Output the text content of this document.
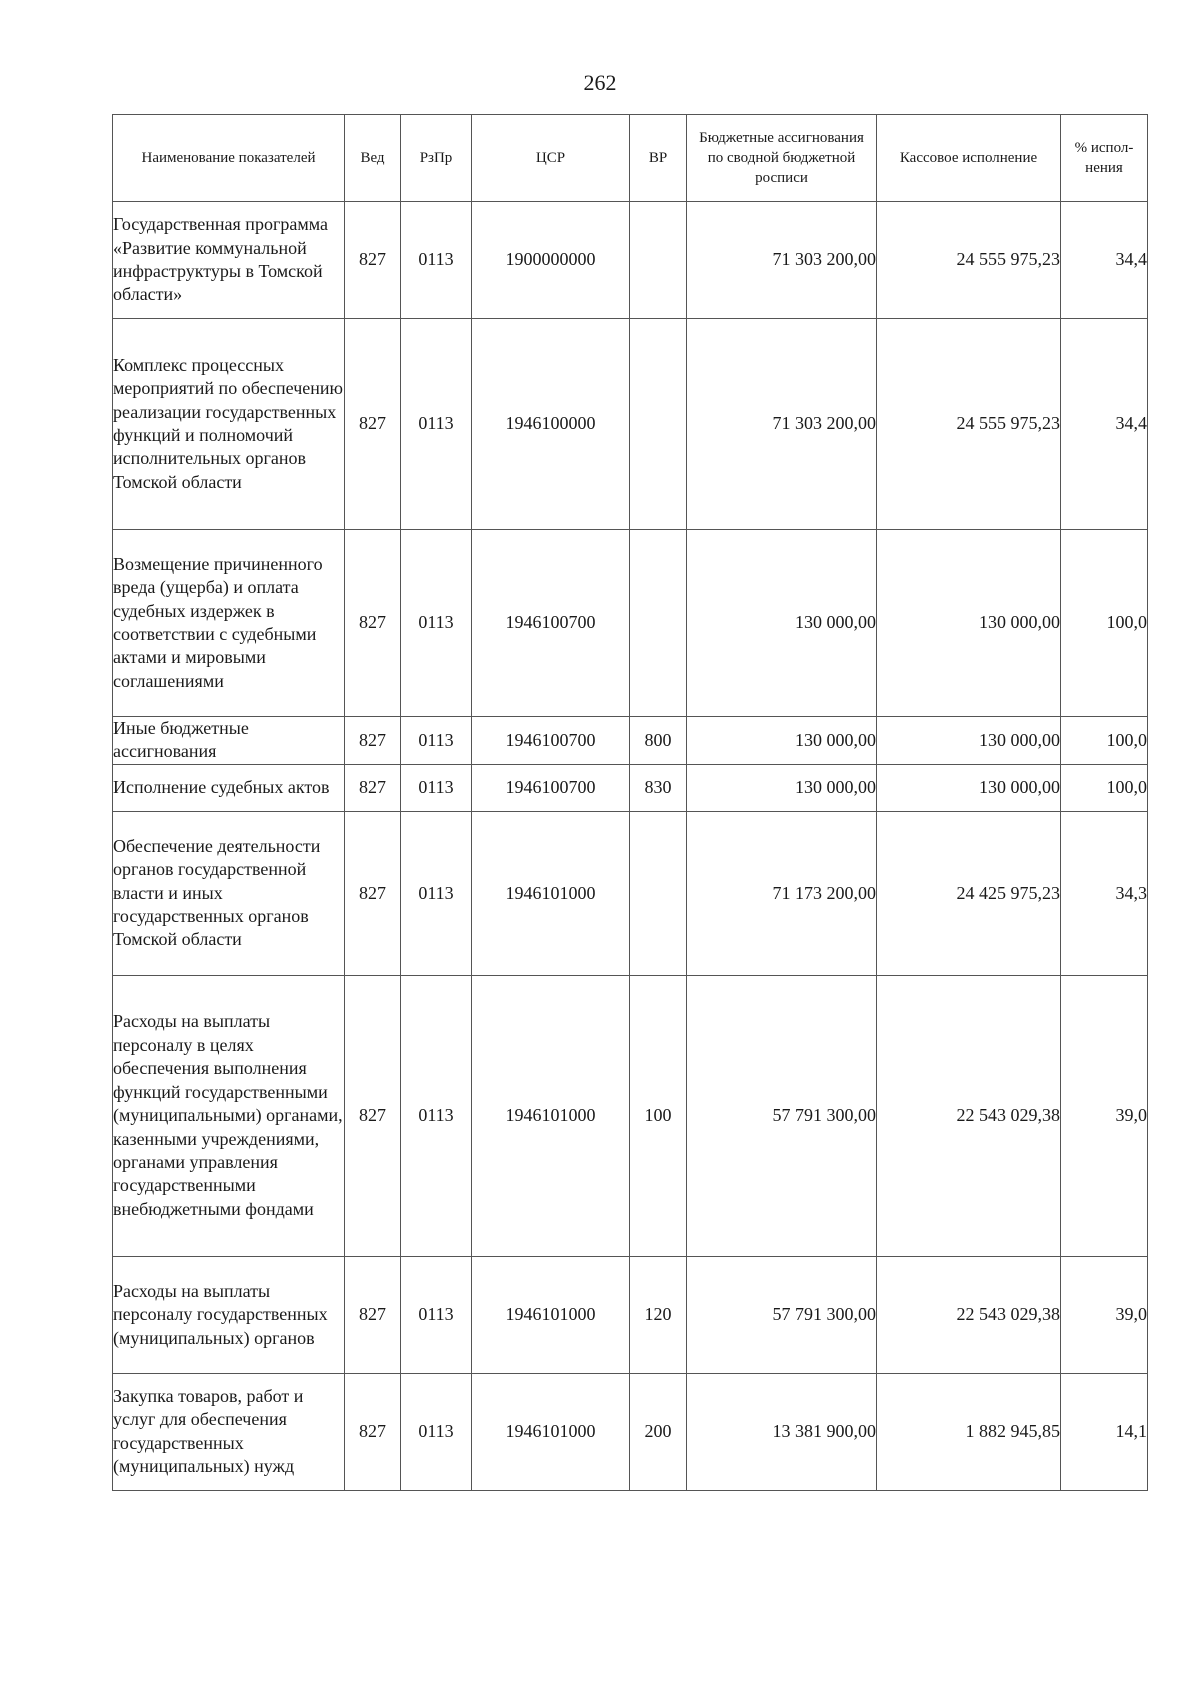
262
Наименование показателей	Вед	РзПр	ЦСР	ВР	Бюджетные ассигнования по сводной бюджетной росписи	Кассовое исполнение	% испол-нения
Государственная программа «Развитие коммунальной инфраструктуры в Томской области»	827	0113	1900000000		71 303 200,00	24 555 975,23	34,4
Комплекс процессных мероприятий по обеспечению реализации государственных функций и полномочий исполнительных органов Томской области	827	0113	1946100000		71 303 200,00	24 555 975,23	34,4
Возмещение причиненного вреда (ущерба) и оплата судебных издержек в соответствии с судебными актами и мировыми соглашениями	827	0113	1946100700		130 000,00	130 000,00	100,0
Иные бюджетные ассигнования	827	0113	1946100700	800	130 000,00	130 000,00	100,0
Исполнение судебных актов	827	0113	1946100700	830	130 000,00	130 000,00	100,0
Обеспечение деятельности органов государственной власти и иных государственных органов Томской области	827	0113	1946101000		71 173 200,00	24 425 975,23	34,3
Расходы на выплаты персоналу в целях обеспечения выполнения функций государственными (муниципальными) органами, казенными учреждениями, органами управления государственными внебюджетными фондами	827	0113	1946101000	100	57 791 300,00	22 543 029,38	39,0
Расходы на выплаты персоналу государственных (муниципальных) органов	827	0113	1946101000	120	57 791 300,00	22 543 029,38	39,0
Закупка товаров, работ и услуг для обеспечения государственных (муниципальных) нужд	827	0113	1946101000	200	13 381 900,00	1 882 945,85	14,1
